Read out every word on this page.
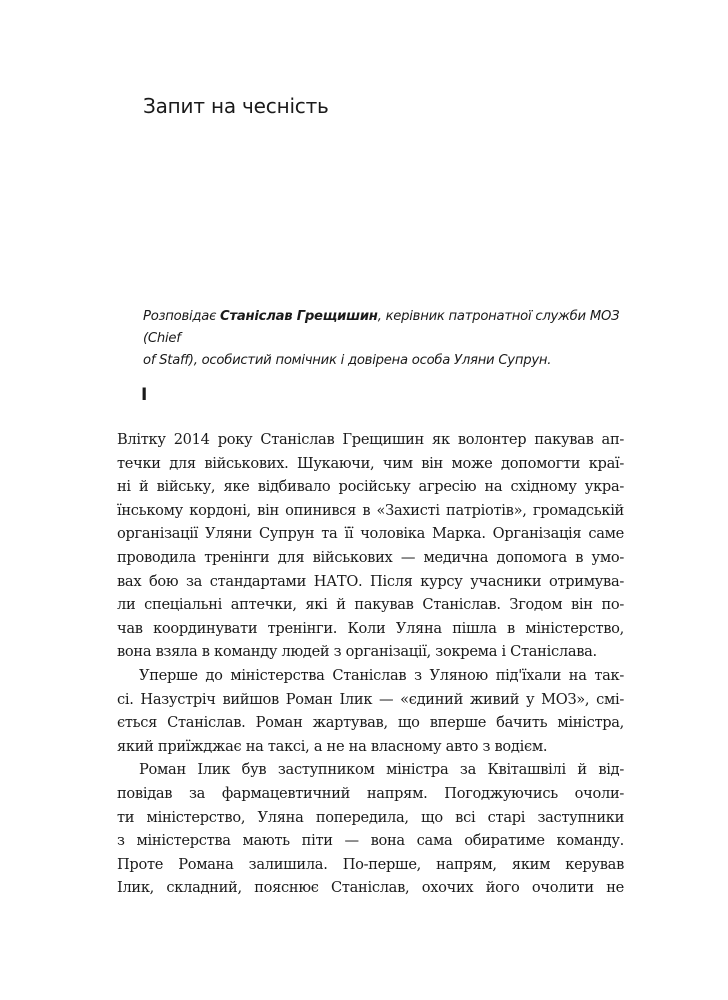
Запит на чесність

Розповідає Станіслав Грещишин, керівник патронатної служби МОЗ (Chief
of Staff), особистий помічник і довірена особа Уляни Супрун.

I
Влітку 2014 року Станіслав Грещишин як волонтер пакував ап-
течки для військових. Шукаючи, чим він може допомогти краї-
ні й війську, яке відбивало російську агресію на східному укра-
їнському кордоні, він опинився в «Захисті патріотів», громадській
організації Уляни Супрун та її чоловіка Марка. Організація саме
проводила тренінги для військових — медична допомога в умо-
вах бою за стандартами НАТО. Після курсу учасники отримува-
ли спеціальні аптечки, які й пакував Станіслав. Згодом він по-
чав координувати тренінги. Коли Уляна пішла в міністерство,
вона взяла в команду людей з організації, зокрема і Станіслава.
Уперше до міністерства Станіслав з Уляною під'їхали на так-
сі. Назустріч вийшов Роман Ілик — «єдиний живий у МОЗ», смі-
ється Станіслав. Роман жартував, що вперше бачить міністра,
який приїжджає на таксі, а не на власному авто з водієм.
Роман Ілик був заступником міністра за Квіташвілі й від-
повідав за фармацевтичний напрям. Погоджуючись очоли-
ти міністерство, Уляна попередила, що всі старі заступники
з міністерства мають піти — вона сама обиратиме команду.
Проте Романа залишила. По-перше, напрям, яким керував
Ілик, складний, пояснює Станіслав, охочих його очолити не
